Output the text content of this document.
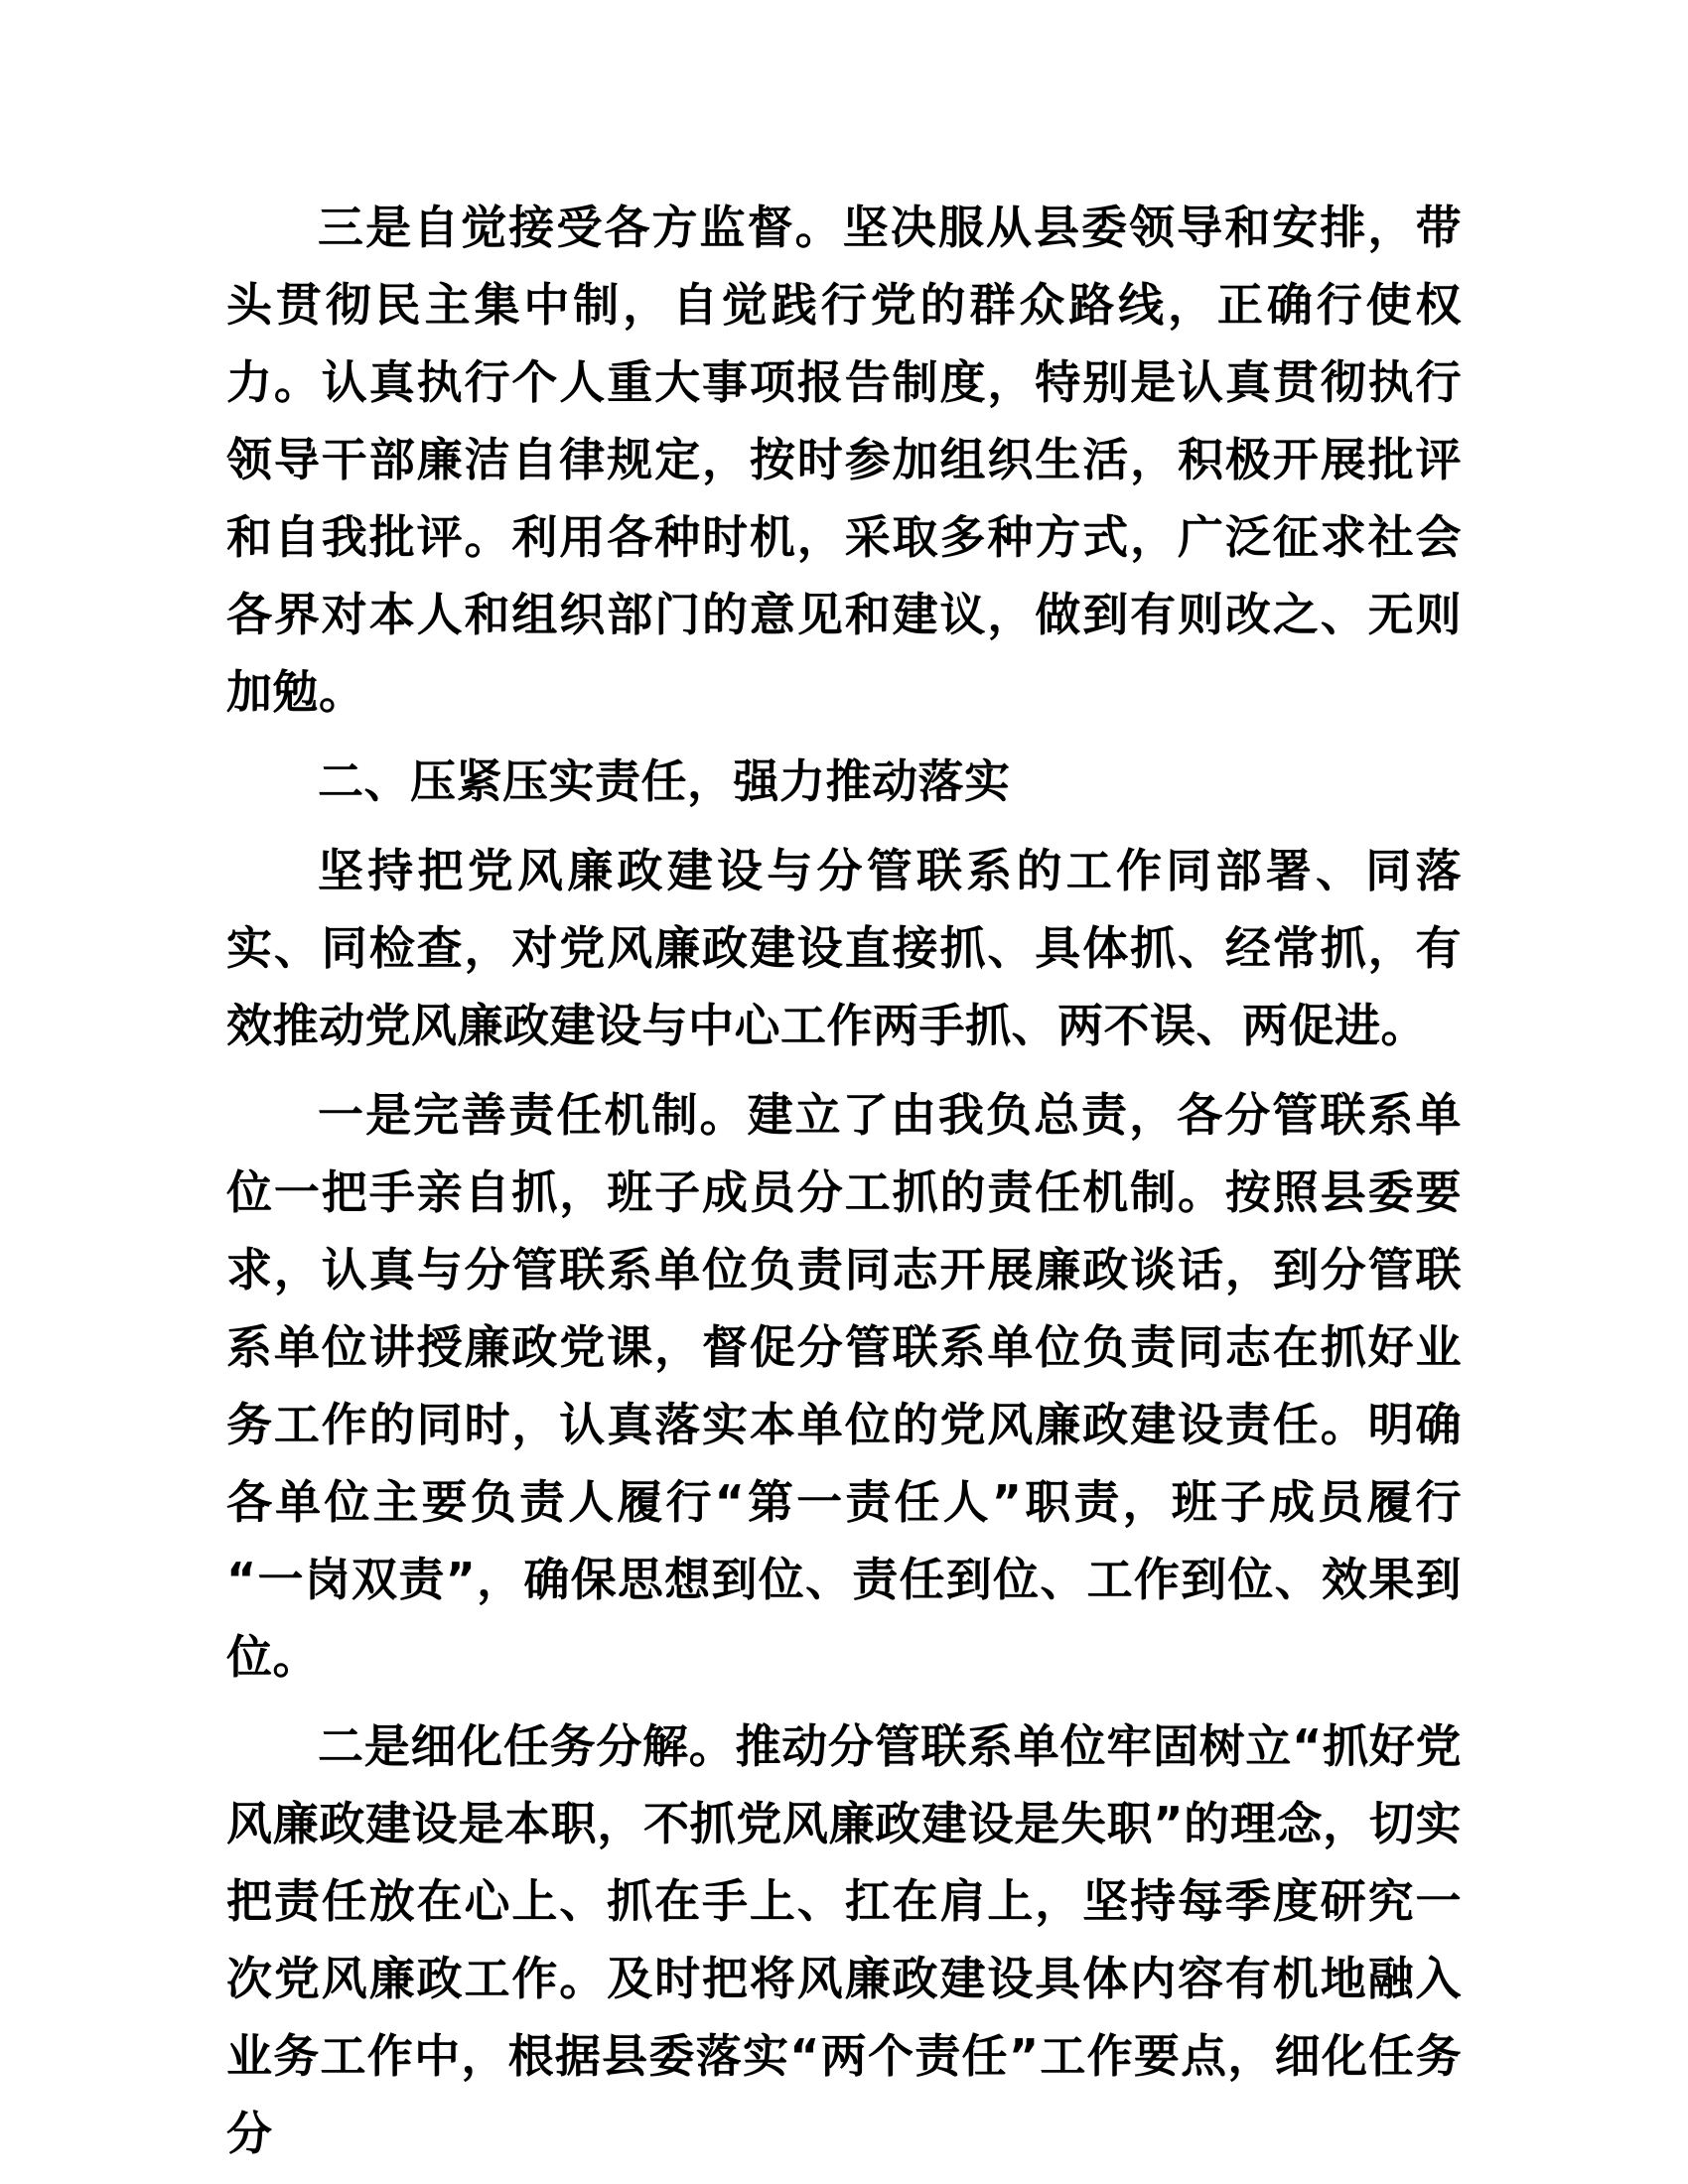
三是自觉接受各方监督。坚决服从县委领导和安排，带头贯彻民主集中制，自觉践行党的群众路线，正确行使权力。认真执行个人重大事项报告制度，特别是认真贯彻执行领导干部廉洁自律规定，按时参加组织生活，积极开展批评和自我批评。利用各种时机，采取多种方式，广泛征求社会各界对本人和组织部门的意见和建议，做到有则改之、无则加勉。

二、压紧压实责任，强力推动落实

坚持把党风廉政建设与分管联系的工作同部署、同落实、同检查，对党风廉政建设直接抓、具体抓、经常抓，有效推动党风廉政建设与中心工作两手抓、两不误、两促进。

一是完善责任机制。建立了由我负总责，各分管联系单位一把手亲自抓，班子成员分工抓的责任机制。按照县委要求，认真与分管联系单位负责同志开展廉政谈话，到分管联系单位讲授廉政党课，督促分管联系单位负责同志在抓好业务工作的同时，认真落实本单位的党风廉政建设责任。明确各单位主要负责人履行“第一责任人”职责，班子成员履行“一岗双责”，确保思想到位、责任到位、工作到位、效果到位。

二是细化任务分解。推动分管联系单位牢固树立“抓好党风廉政建设是本职，不抓党风廉政建设是失职”的理念，切实把责任放在心上、抓在手上、扛在肩上，坚持每季度研究一次党风廉政工作。及时把将风廉政建设具体内容有机地融入业务工作中，根据县委落实“两个责任”工作要点，细化任务分
